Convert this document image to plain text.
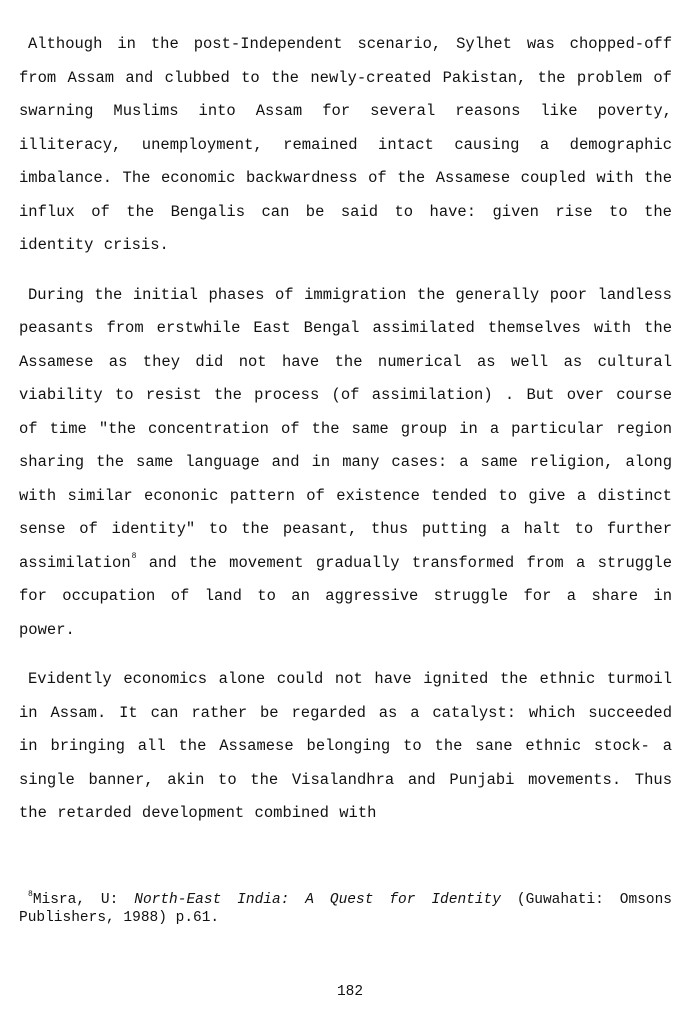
Although in the post-Independent scenario, Sylhet was chopped-off from Assam and clubbed to the newly-created Pakistan, the problem of swarning Muslims into Assam for several reasons like poverty, illiteracy, unemployment, remained intact causing a demographic imbalance. The economic backwardness of the Assamese coupled with the influx of the Bengalis can be said to have: given rise to the identity crisis.

During the initial phases of immigration the generally poor landless peasants from erstwhile East Bengal assimilated themselves with the Assamese as they did not have the numerical as well as cultural viability to resist the process (of assimilation) . But over course of time "the concentration of the same group in a particular region sharing the same language and in many cases: a same religion, along with similar econonic pattern of existence tended to give a distinct sense of identity" to the peasant, thus putting a halt to further assimilation$^8$ and the movement gradually transformed from a struggle for occupation of land to an aggressive struggle for a share in power.

Evidently economics alone could not have ignited the ethnic turmoil in Assam. It can rather be regarded as a catalyst: which succeeded in bringing all the Assamese belonging to the sane ethnic stock- a single banner, akin to the Visalandhra and Punjabi movements. Thus the retarded development combined with

$^8$Misra, U: North-East India: A Quest for Identity (Guwahati: Omsons Publishers, 1988) p.61.

182
